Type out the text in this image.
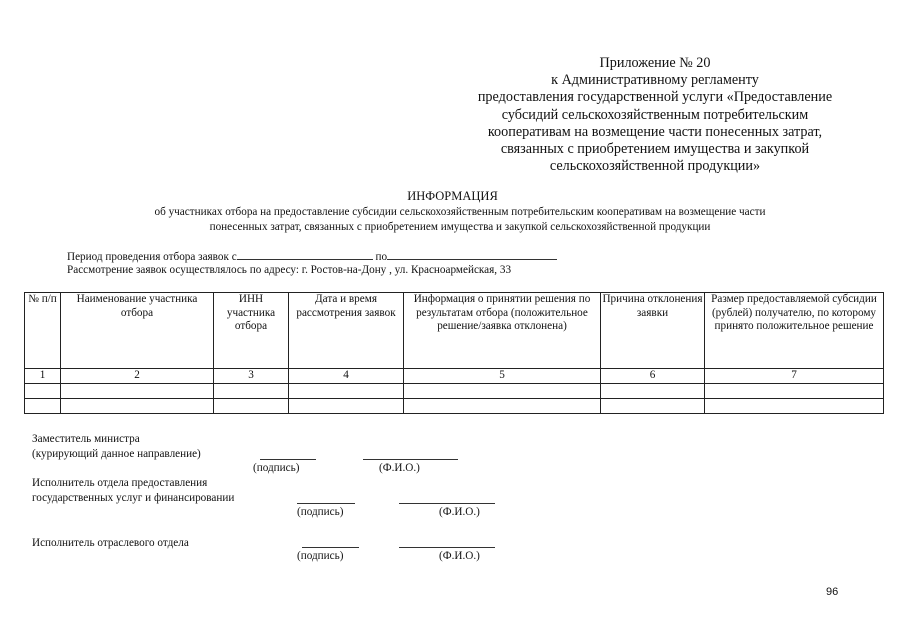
Приложение № 20
к Административному регламенту
предоставления государственной услуги «Предоставление
субсидий сельскохозяйственным потребительским
кооперативам на возмещение части понесенных затрат,
связанных с приобретением имущества и закупкой
сельскохозяйственной продукции»
ИНФОРМАЦИЯ
об участниках отбора на предоставление субсидии сельскохозяйственным потребительским кооперативам на возмещение части
понесенных затрат, связанных с приобретением имущества и закупкой сельскохозяйственной продукции
Период проведения отбора заявок с	по
Рассмотрение заявок осуществлялось по адресу: г. Ростов-на-Дону , ул. Красноармейская, 33
№ п/п	Наименование участника отбора	ИНН участника отбора	Дата и время рассмотрения заявок	Информация о принятии решения по результатам отбора (положительное решение/заявка отклонена)	Причина отклонения заявки	Размер предоставляемой субсидии (рублей) получателю, по которому принято положительное решение
1	2	3	4	5	6	7

Заместитель министра
(курирующий данное направление)
(подпись)	(Ф.И.О.)
Исполнитель отдела предоставления
государственных услуг и финансировании
(подпись)	(Ф.И.О.)
Исполнитель отраслевого отдела
(подпись)	(Ф.И.О.)
96
